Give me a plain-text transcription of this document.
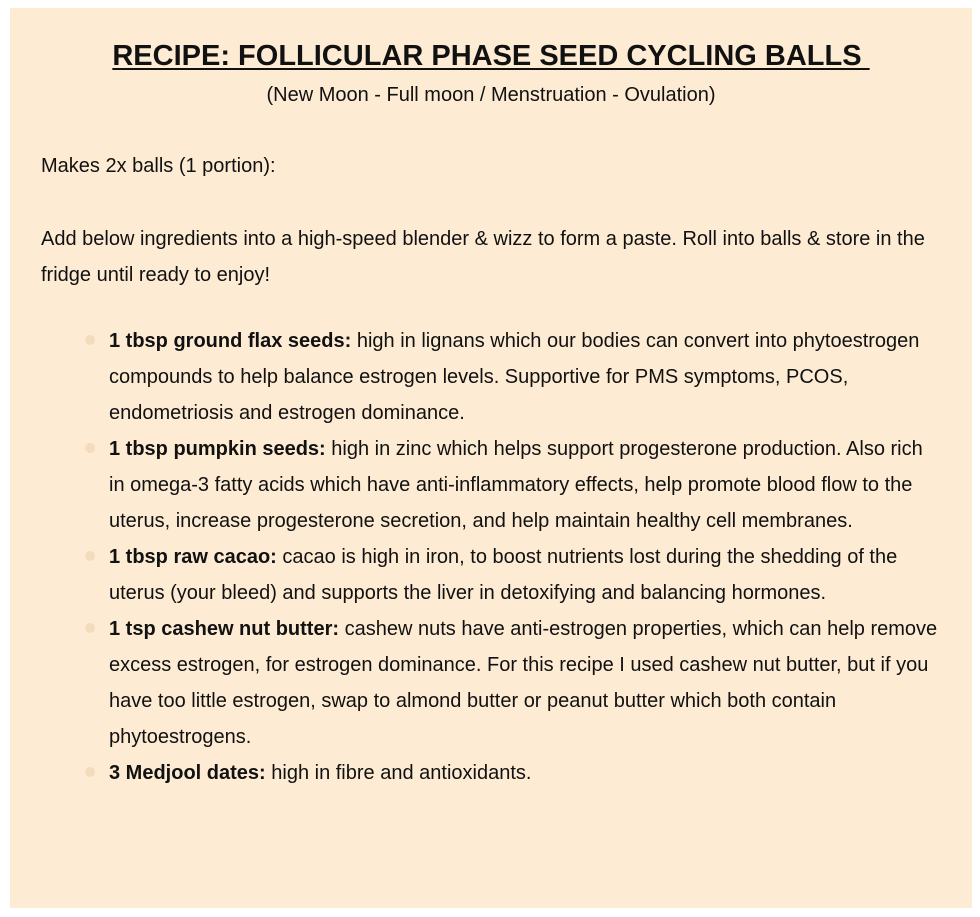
RECIPE: FOLLICULAR PHASE SEED CYCLING BALLS
(New Moon - Full moon / Menstruation - Ovulation)
Makes 2x balls (1 portion):
Add below ingredients into a high-speed blender & wizz to form a paste. Roll into balls & store in the fridge until ready to enjoy!
1 tbsp ground flax seeds: high in lignans which our bodies can convert into phytoestrogen compounds to help balance estrogen levels. Supportive for PMS symptoms, PCOS, endometriosis and estrogen dominance.
1 tbsp pumpkin seeds: high in zinc which helps support progesterone production. Also rich in omega-3 fatty acids which have anti-inflammatory effects, help promote blood flow to the uterus, increase progesterone secretion, and help maintain healthy cell membranes.
1 tbsp raw cacao: cacao is high in iron, to boost nutrients lost during the shedding of the uterus (your bleed) and supports the liver in detoxifying and balancing hormones.
1 tsp cashew nut butter: cashew nuts have anti-estrogen properties, which can help remove excess estrogen, for estrogen dominance. For this recipe I used cashew nut butter, but if you have too little estrogen, swap to almond butter or peanut butter which both contain phytoestrogens.
3 Medjool dates: high in fibre and antioxidants.
